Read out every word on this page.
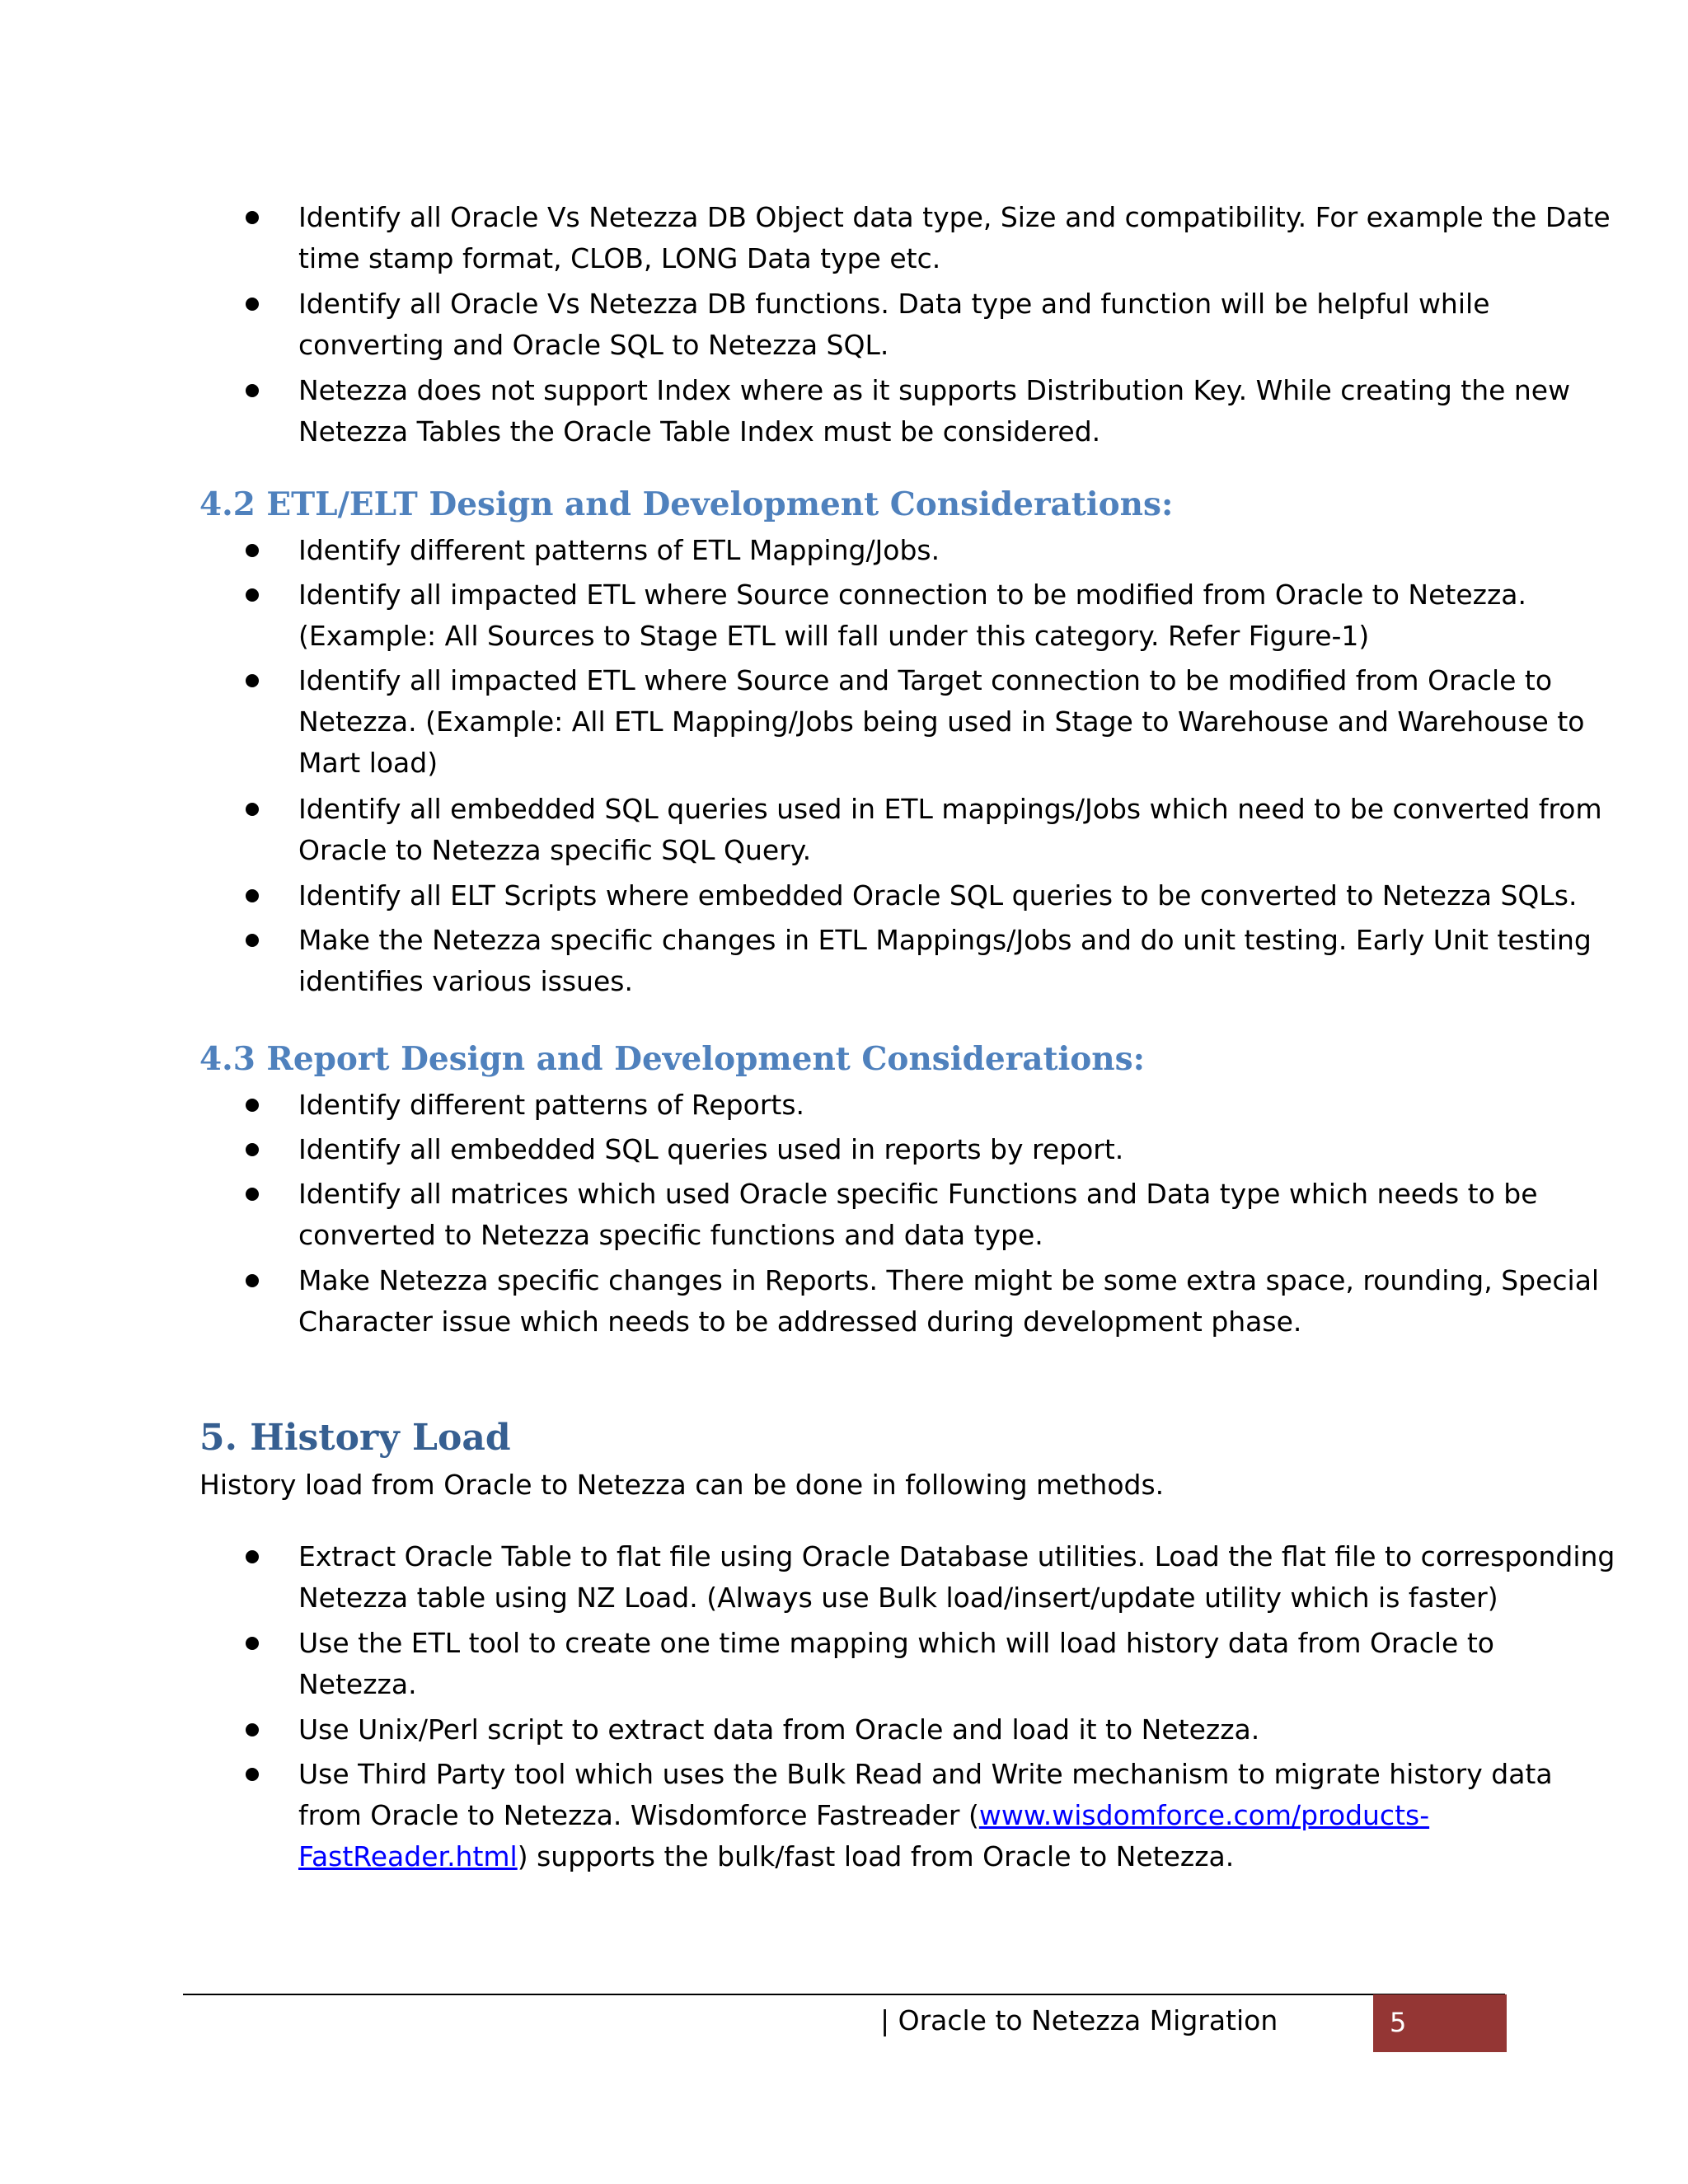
Identify all Oracle Vs Netezza DB Object data type, Size and compatibility. For example the Date
time stamp format, CLOB, LONG Data type etc.
Identify all Oracle Vs Netezza DB functions. Data type and function will be helpful while
converting and Oracle SQL to Netezza SQL.
Netezza does not support Index where as it supports Distribution Key. While creating the new
Netezza Tables the Oracle Table Index must be considered.
4.2 ETL/ELT Design and Development Considerations:
Identify different patterns of ETL Mapping/Jobs.
Identify all impacted ETL where Source connection to be modified from Oracle to Netezza.
(Example: All Sources to Stage ETL will fall under this category. Refer Figure-1)
Identify all impacted ETL where Source and Target connection to be modified from Oracle to
Netezza. (Example: All ETL Mapping/Jobs being used in Stage to Warehouse and Warehouse to
Mart load)
Identify all embedded SQL queries used in ETL mappings/Jobs which need to be converted from
Oracle to Netezza specific SQL Query.
Identify all ELT Scripts where embedded Oracle SQL queries to be converted to Netezza SQLs.
Make the Netezza specific changes in ETL Mappings/Jobs and do unit testing. Early Unit testing
identifies various issues.
4.3 Report Design and Development Considerations:
Identify different patterns of Reports.
Identify all embedded SQL queries used in reports by report.
Identify all matrices which used Oracle specific Functions and Data type which needs to be
converted to Netezza specific functions and data type.
Make Netezza specific changes in Reports. There might be some extra space, rounding, Special
Character issue which needs to be addressed during development phase.
5. History Load

History load from Oracle to Netezza can be done in following methods.

Extract Oracle Table to flat file using Oracle Database utilities. Load the flat file to corresponding
Netezza table using NZ Load. (Always use Bulk load/insert/update utility which is faster)
Use the ETL tool to create one time mapping which will load history data from Oracle to
Netezza.
Use Unix/Perl script to extract data from Oracle and load it to Netezza.
Use Third Party tool which uses the Bulk Read and Write mechanism to migrate history data
from Oracle to Netezza. Wisdomforce Fastreader (www.wisdomforce.com/products-
FastReader.html) supports the bulk/fast load from Oracle to Netezza.
| Oracle to Netezza Migration	5
